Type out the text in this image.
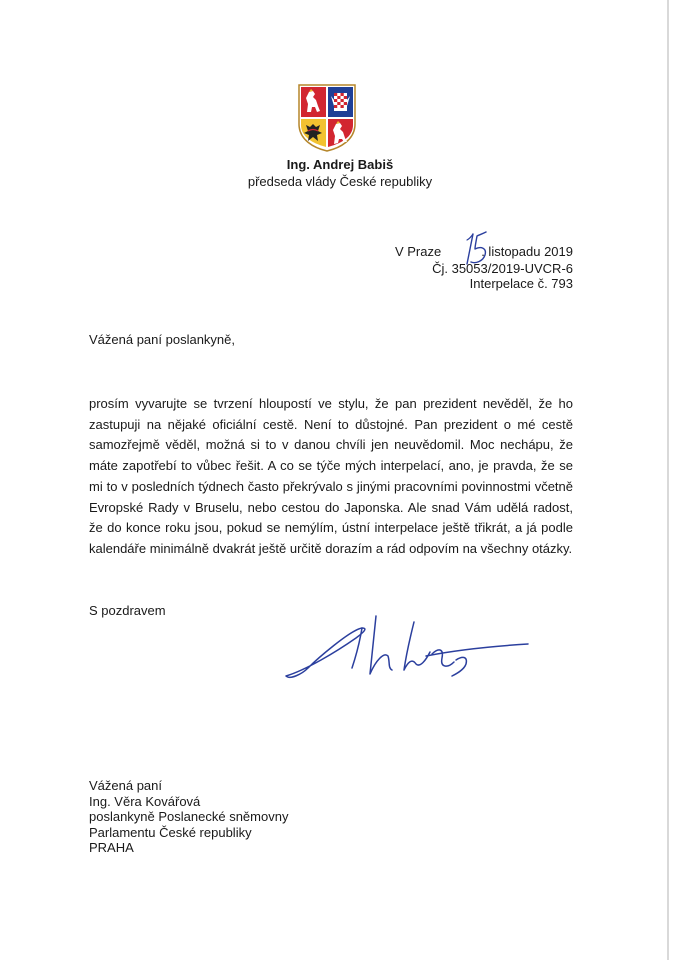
Ing. Andrej Babiš
předseda vlády České republiky
V Praze	. listopadu 2019
Čj. 35053/2019-UVCR-6
Interpelace č. 793
Vážená paní poslankyně,
prosím vyvarujte se tvrzení hloupostí ve stylu, že pan prezident nevěděl, že ho zastupuji na nějaké oficiální cestě. Není to důstojné. Pan prezident o mé cestě samozřejmě věděl, možná si to v danou chvíli jen neuvědomil. Moc nechápu, že máte zapotřebí to vůbec řešit. A co se týče mých interpelací, ano, je pravda, že se mi to v posledních týdnech často překrývalo s jinými pracovními povinnostmi včetně Evropské Rady v Bruselu, nebo cestou do Japonska. Ale snad Vám udělá radost, že do konce roku jsou, pokud se nemýlím, ústní interpelace ještě třikrát, a já podle kalendáře minimálně dvakrát ještě určitě dorazím a rád odpovím na všechny otázky.
S pozdravem
Vážená paní
Ing. Věra Kovářová
poslankyně Poslanecké sněmovny
Parlamentu České republiky
PRAHA
